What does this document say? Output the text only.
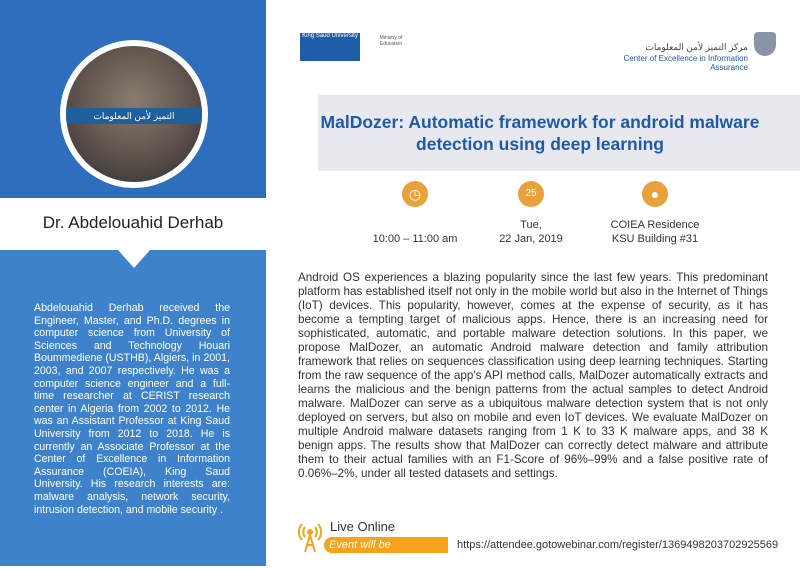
التميز لأمن المعلومات
Dr. Abdelouahid Derhab
Abdelouahid Derhab received the Engineer, Master, and Ph.D. degrees in computer science from University of Sciences and Technology Houari Boummediene (USTHB), Algiers, in 2001, 2003, and 2007 respectively. He was a computer science engineer and a full-time researcher at CERIST research center in Algeria from 2002 to 2012. He was an Assistant Professor at King Saud University from 2012 to 2018. He is currently an Associate Professor at the Center of Excellence in Information Assurance (COEIA), King Saud University. His research interests are: malware analysis, network security, intrusion detection, and mobile security .
King Saud University	Ministry of Education	مركز التميز لأمن المعلومات
Center of Excellence in Information Assurance
MalDozer: Automatic framework for android malware detection using deep learning
◷
10:00 – 11:00 am
25
Tue,
22 Jan, 2019
●
COIEA Residence
KSU Building #31
Android OS experiences a blazing popularity since the last few years. This predominant platform has established itself not only in the mobile world but also in the Internet of Things (IoT) devices. This popularity, however, comes at the expense of security, as it has become a tempting target of malicious apps. Hence, there is an increasing need for sophisticated, automatic, and portable malware detection solutions. In this paper, we propose MalDozer, an automatic Android malware detection and family attribution framework that relies on sequences classification using deep learning techniques. Starting from the raw sequence of the app's API method calls, MalDozer automatically extracts and learns the malicious and the benign patterns from the actual samples to detect Android malware. MalDozer can serve as a ubiquitous malware detection system that is not only deployed on servers, but also on mobile and even IoT devices. We evaluate MalDozer on multiple Android malware datasets ranging from 1 K to 33 K malware apps, and 38 K benign apps. The results show that MalDozer can correctly detect malware and attribute them to their actual families with an F1-Score of 96%–99% and a false positive rate of 0.06%–2%, under all tested datasets and settings.
Live Online
Event will be broadcasted
https://attendee.gotowebinar.com/register/1369498203702925569
